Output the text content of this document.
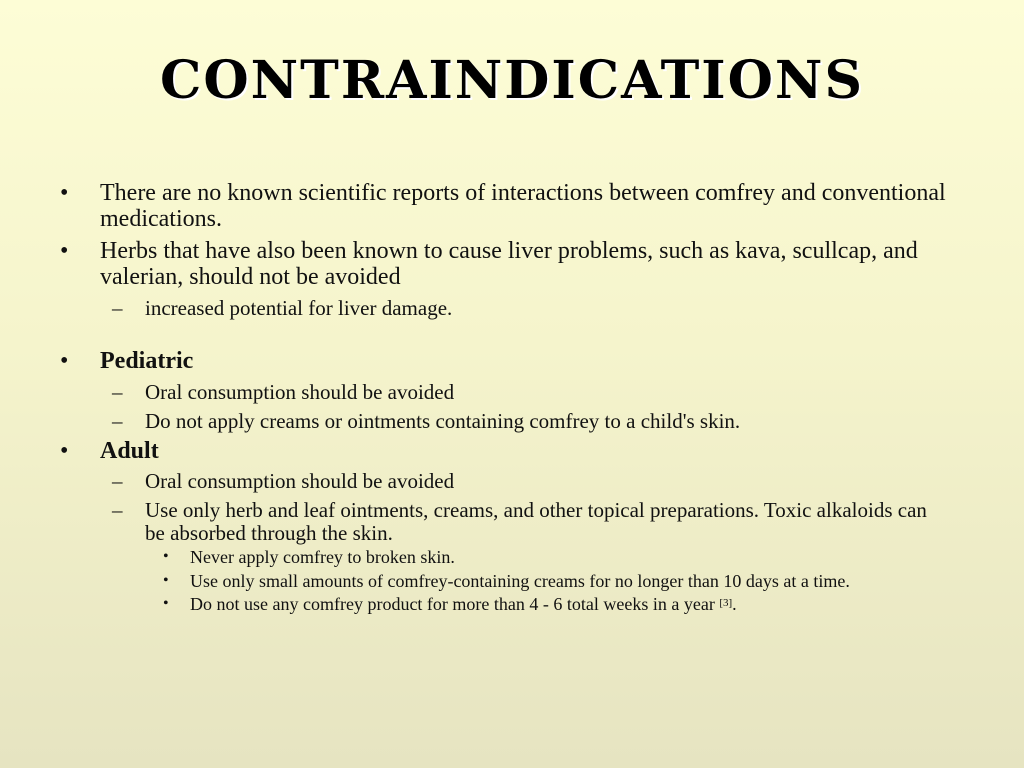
CONTRAINDICATIONS
•	There are no known scientific reports of interactions between comfrey and conventional medications.
•	Herbs that have also been known to cause liver problems, such as kava, scullcap, and valerian, should not be avoided
–	increased potential for liver damage.
•	Pediatric
–	Oral consumption should be avoided
–	Do not apply creams or ointments containing comfrey to a child's skin.
•	Adult
–	Oral consumption should be avoided
–	Use only herb and leaf ointments, creams, and other topical preparations. Toxic alkaloids can be absorbed through the skin.
•	Never apply comfrey to broken skin.
•	Use only small amounts of comfrey-containing creams for no longer than 10 days at a time.
•	Do not use any comfrey product for more than 4 - 6 total weeks in a year [3].
